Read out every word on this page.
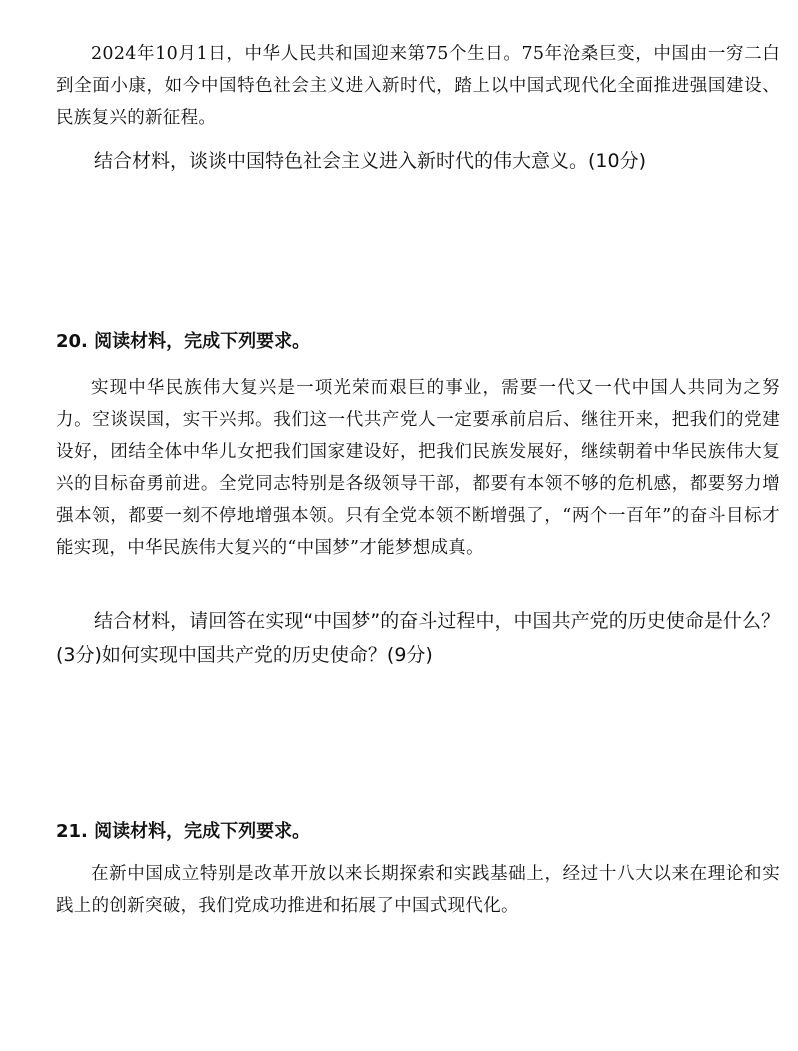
2024年10月1日，中华人民共和国迎来第75个生日。75年沧桑巨变，中国由一穷二白到全面小康，如今中国特色社会主义进入新时代，踏上以中国式现代化全面推进强国建设、民族复兴的新征程。

结合材料，谈谈中国特色社会主义进入新时代的伟大意义。(10分)

20. 阅读材料，完成下列要求。

实现中华民族伟大复兴是一项光荣而艰巨的事业，需要一代又一代中国人共同为之努力。空谈误国，实干兴邦。我们这一代共产党人一定要承前启后、继往开来，把我们的党建设好，团结全体中华儿女把我们国家建设好，把我们民族发展好，继续朝着中华民族伟大复兴的目标奋勇前进。全党同志特别是各级领导干部，都要有本领不够的危机感，都要努力增强本领，都要一刻不停地增强本领。只有全党本领不断增强了，“两个一百年”的奋斗目标才能实现，中华民族伟大复兴的“中国梦”才能梦想成真。

结合材料，请回答在实现“中国梦”的奋斗过程中，中国共产党的历史使命是什么？(3分)如何实现中国共产党的历史使命？(9分)

21. 阅读材料，完成下列要求。

在新中国成立特别是改革开放以来长期探索和实践基础上，经过十八大以来在理论和实践上的创新突破，我们党成功推进和拓展了中国式现代化。
